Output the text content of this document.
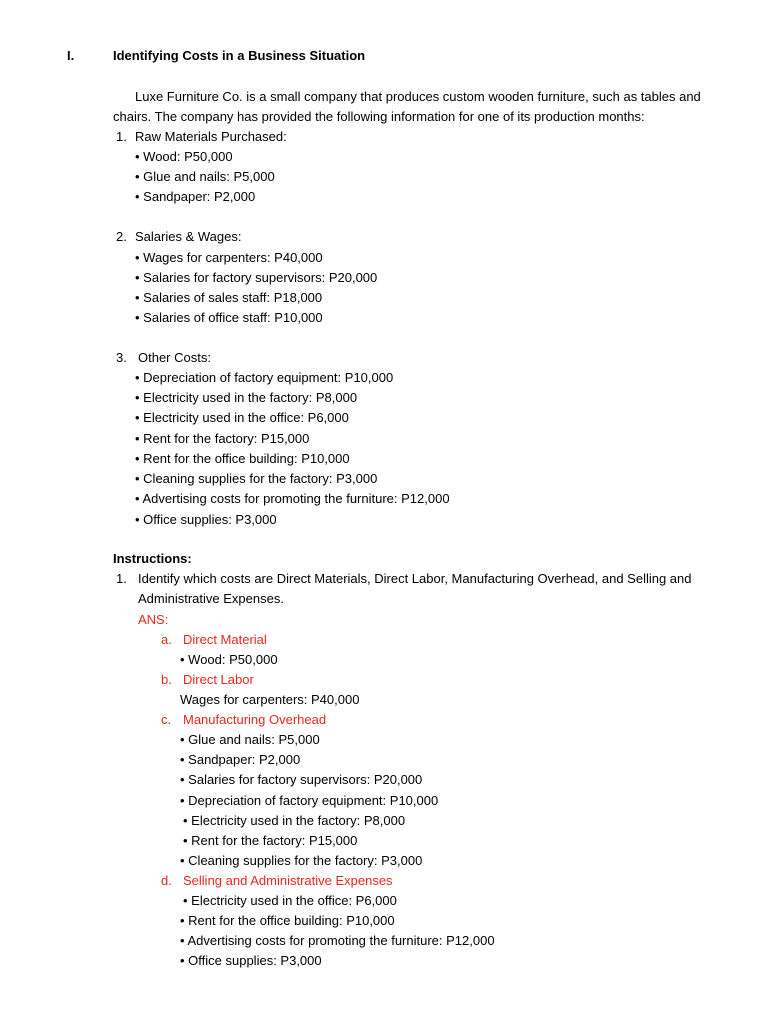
I.	Identifying Costs in a Business Situation
Luxe Furniture Co. is a small company that produces custom wooden furniture, such as tables and
chairs. The company has provided the following information for one of its production months:
1. Raw Materials Purchased:
• Wood: P50,000
• Glue and nails: P5,000
• Sandpaper: P2,000
2. Salaries & Wages:
• Wages for carpenters: P40,000
• Salaries for factory supervisors: P20,000
• Salaries of sales staff: P18,000
• Salaries of office staff: P10,000
3. Other Costs:
• Depreciation of factory equipment: P10,000
• Electricity used in the factory: P8,000
• Electricity used in the office: P6,000
• Rent for the factory: P15,000
• Rent for the office building: P10,000
• Cleaning supplies for the factory: P3,000
• Advertising costs for promoting the furniture: P12,000
• Office supplies: P3,000
Instructions:
1. Identify which costs are Direct Materials, Direct Labor, Manufacturing Overhead, and Selling and
Administrative Expenses.
ANS:
a. Direct Material
• Wood: P50,000
b. Direct Labor
Wages for carpenters: P40,000
c. Manufacturing Overhead
• Glue and nails: P5,000
• Sandpaper: P2,000
• Salaries for factory supervisors: P20,000
• Depreciation of factory equipment: P10,000
• Electricity used in the factory: P8,000
• Rent for the factory: P15,000
• Cleaning supplies for the factory: P3,000
d. Selling and Administrative Expenses
• Electricity used in the office: P6,000
• Rent for the office building: P10,000
• Advertising costs for promoting the furniture: P12,000
• Office supplies: P3,000
